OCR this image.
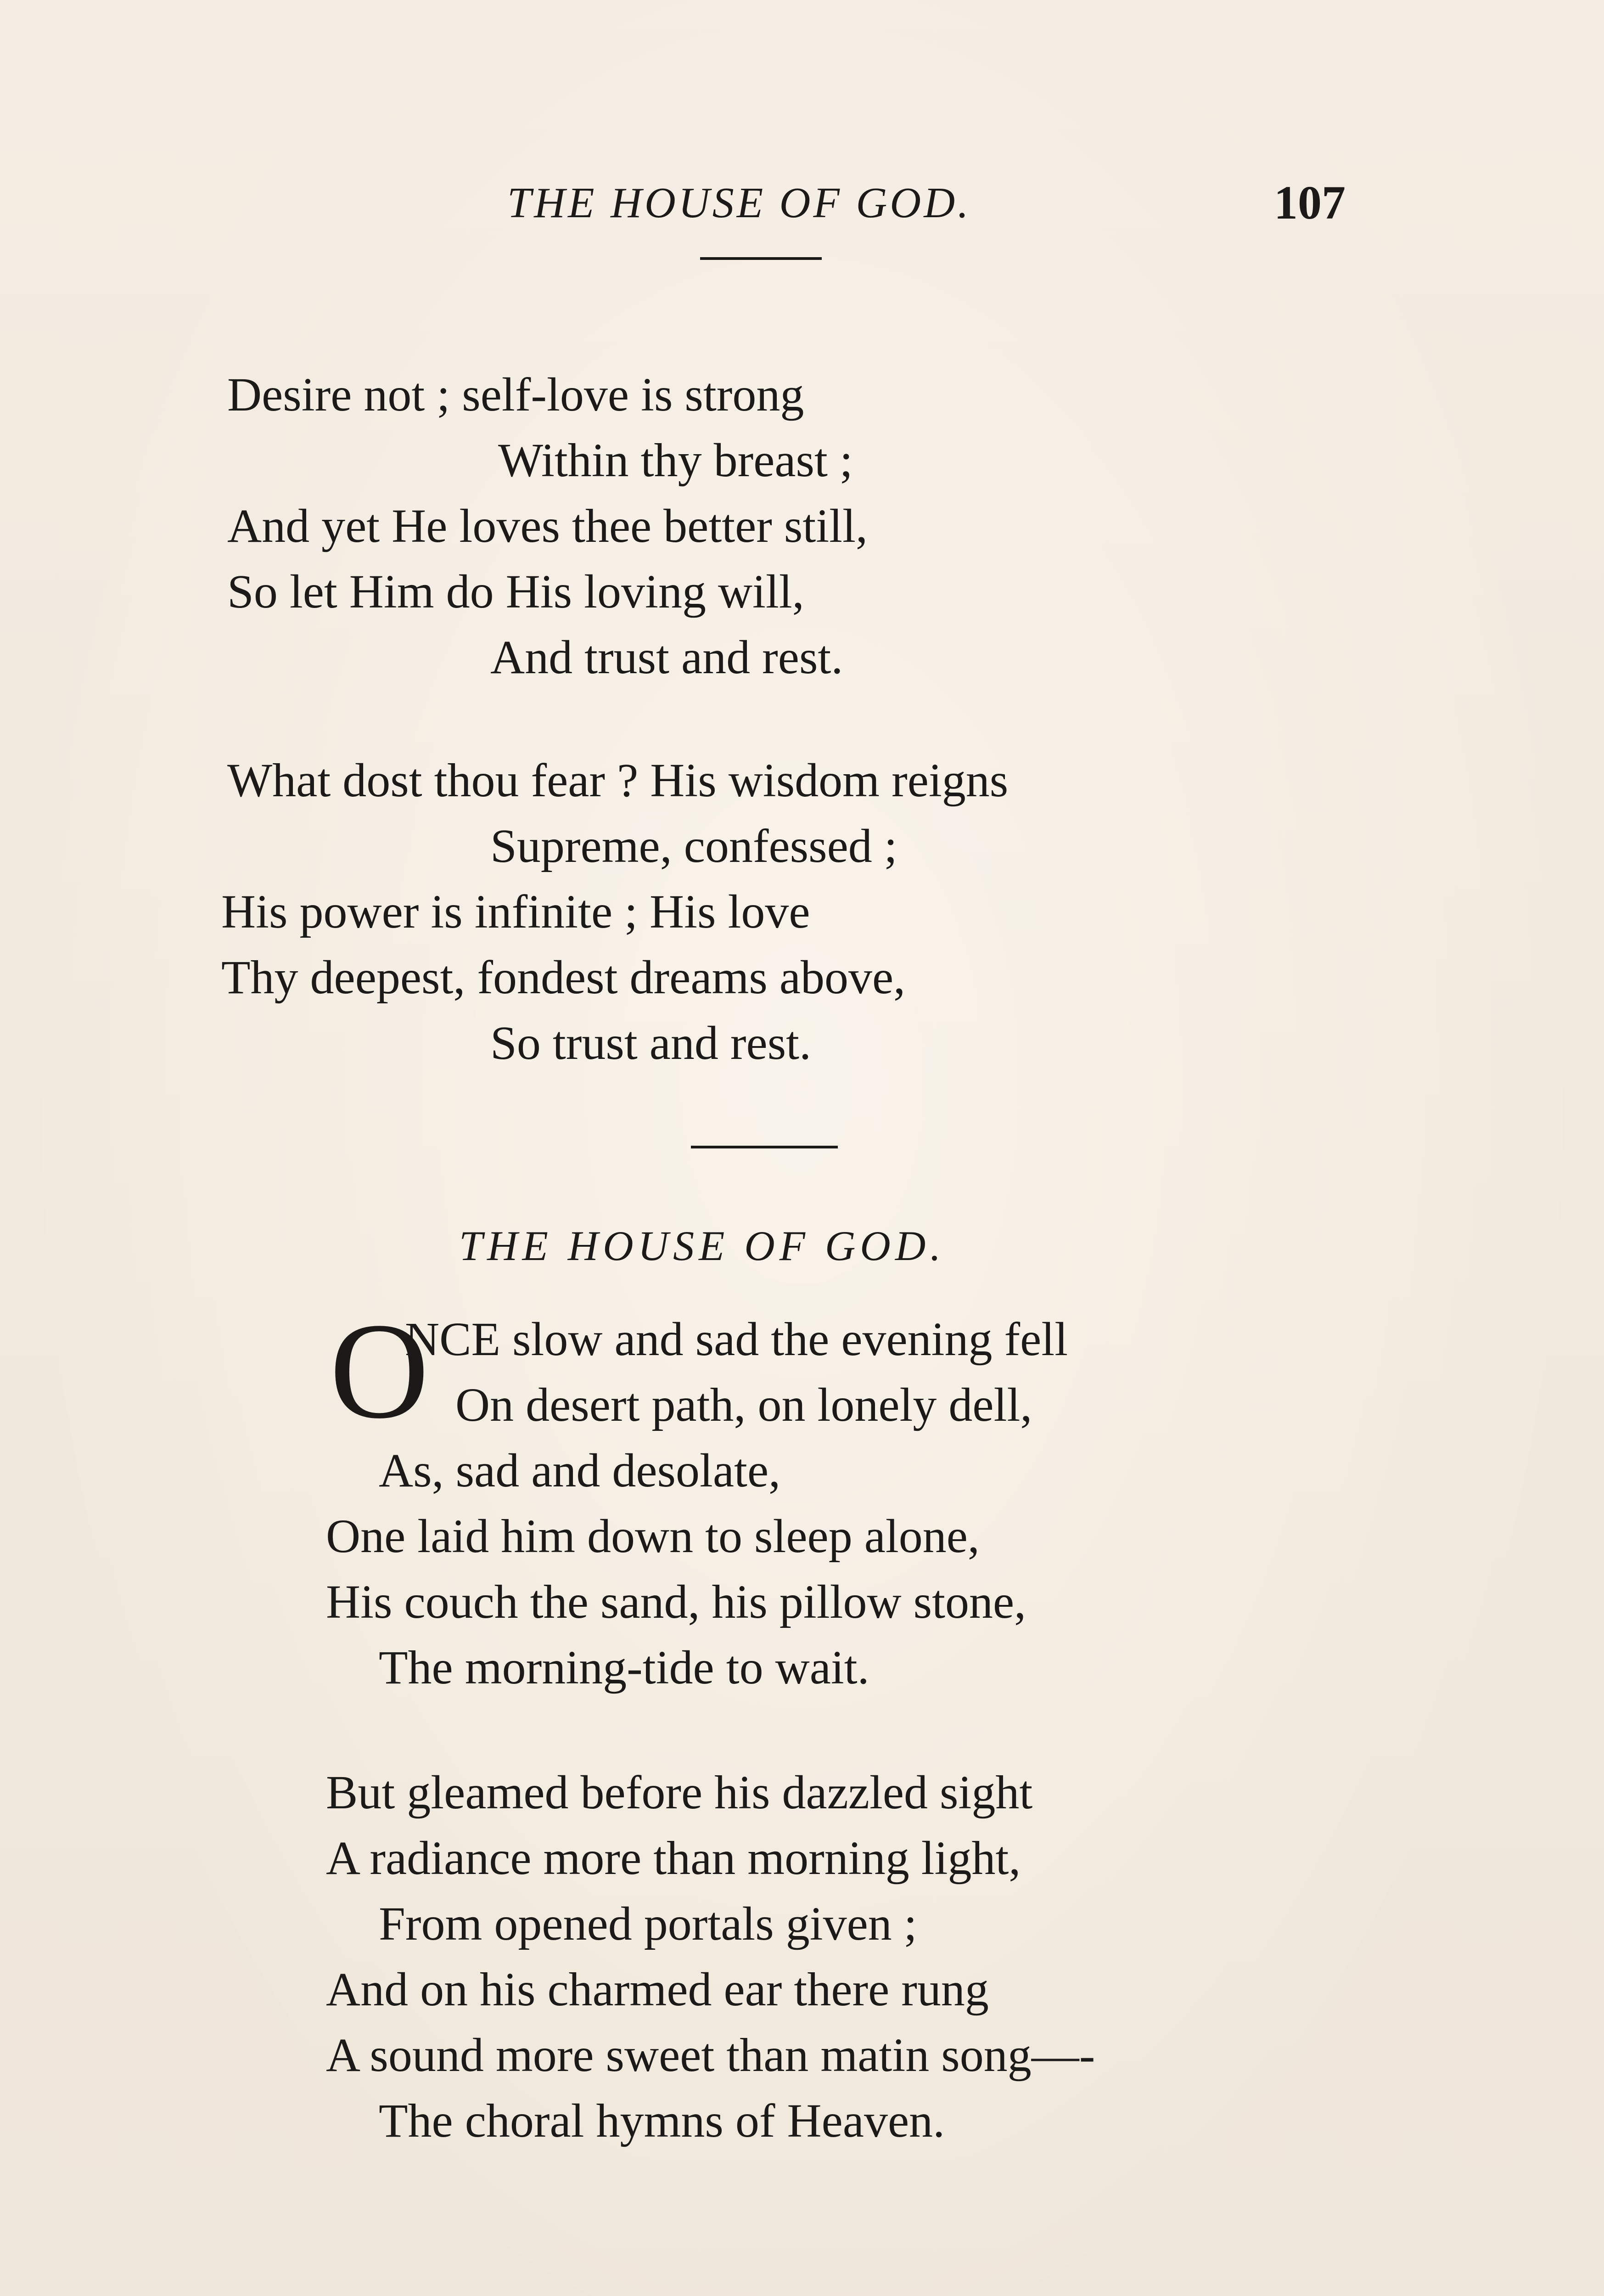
THE HOUSE OF GOD.	107
Desire not ; self-love is strong
Within thy breast ;
And yet He loves thee better still,
So let Him do His loving will,
And trust and rest.
What dost thou fear ? His wisdom reigns
Supreme, confessed ;
His power is infinite ; His love
Thy deepest, fondest dreams above,
So trust and rest.
THE HOUSE OF GOD.
O
NCE slow and sad the evening fell
On desert path, on lonely dell,
As, sad and desolate,
One laid him down to sleep alone,
His couch the sand, his pillow stone,
The morning-tide to wait.
But gleamed before his dazzled sight
A radiance more than morning light,
From opened portals given ;
And on his charmed ear there rung
A sound more sweet than matin song—-
The choral hymns of Heaven.
